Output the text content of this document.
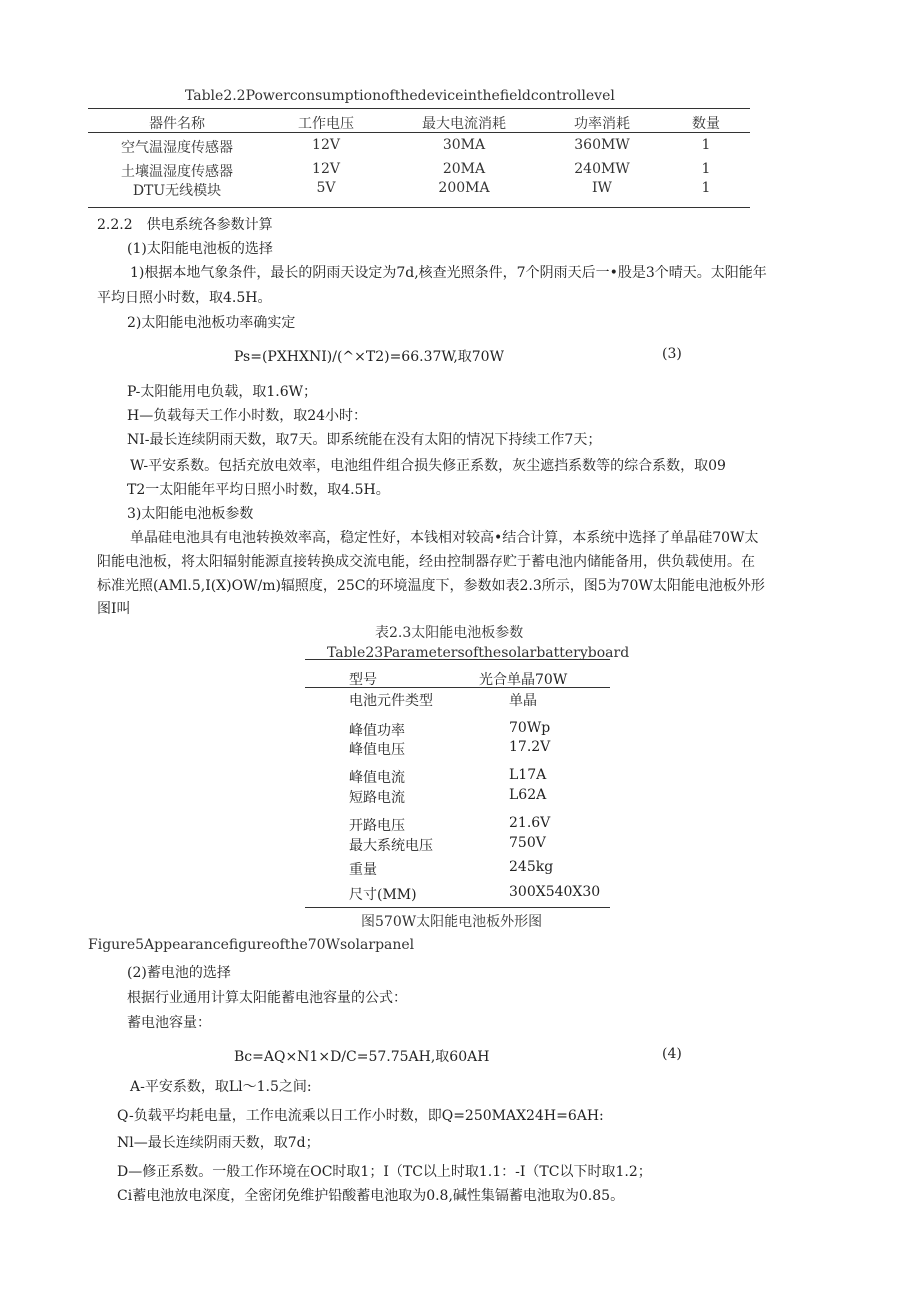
Table2.2Powerconsumptionofthedeviceinthefieldcontrollevel
器件名称	工作电压	最大电流消耗	功率消耗	数量
空气温湿度传感器	12V	30MA	360MW	1
土壤温湿度传感器	12V	20MA	240MW	1
DTU无线模块	5V	200MA	IW	1
2.2.2　供电系统各参数计算
(1)太阳能电池板的选择
1)根据本地气象条件，最长的阴雨天设定为7d,核查光照条件，7个阴雨天后一•股是3个晴天。太阳能年
平均日照小时数，取4.5H。
2)太阳能电池板功率确实定
Ps=(PXHXNI)/(^×T2)=66.37W,取70W	(3)
P-太阳能用电负载，取1.6W；
H—负载每天工作小时数，取24小时：
NI-最长连续阴雨天数，取7天。即系统能在没有太阳的情况下持续工作7天；
W-平安系数。包括充放电效率，电池组件组合损失修正系数，灰尘遮挡系数等的综合系数，取09
T2一太阳能年平均日照小时数，取4.5H。
3)太阳能电池板参数
单晶硅电池具有电池转换效率高，稳定性好，本钱相对较高•结合计算，本系统中选择了单晶硅70W太
阳能电池板，将太阳辐射能源直接转换成交流电能，经由控制器存贮于蓄电池内储能备用，供负载使用。在
标准光照(AMl.5,I(X)OW/m)辐照度，25C的环境温度下，参数如表2.3所示，图5为70W太阳能电池板外形
图I叫
表2.3太阳能电池板参数
Table23Parametersofthesolarbatteryboard
型号	光合单晶70W
电池元件类型	单晶
峰值功率	70Wp
峰值电压	17.2V
峰值电流	L17A
短路电流	L62A
开路电压	21.6V
最大系统电压	750V
重量	245kg
尺寸(MM)	300X540X30
图570W太阳能电池板外形图
Figure5Appearancefigureofthe70Wsolarpanel
(2)蓄电池的选择
根据行业通用计算太阳能蓄电池容量的公式：
蓄电池容量：
Bc=AQ×N1×D/C=57.75AH,取60AH	(4)
A-平安系数，取Ll～1.5之间:
Q-负载平均耗电量，工作电流乘以日工作小时数，即Q=250MAX24H=6AH:
Nl—最长连续阴雨天数，取7d；
D—修正系数。一般工作环境在OC时取1；I（TC以上时取1.1：-I（TC以下时取1.2；
Ci蓄电池放电深度，全密闭免维护铅酸蓄电池取为0.8,碱性集镉蓄电池取为0.85。
